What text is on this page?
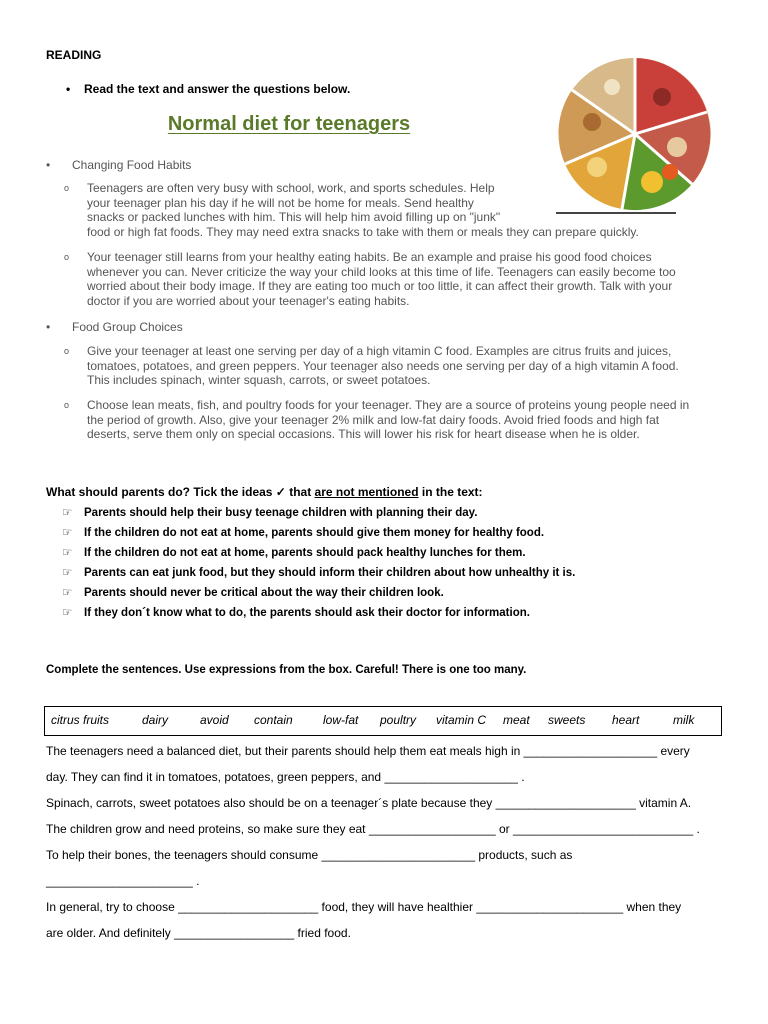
READING
• Read the text and answer the questions below.
Normal diet for teenagers
• Changing Food Habits
o Teenagers are often very busy with school, work, and sports schedules. Help
your teenager plan his day if he will not be home for meals. Send healthy
snacks or packed lunches with him. This will help him avoid filling up on "junk"
food or high fat foods. They may need extra snacks to take with them or meals they can prepare quickly.
o Your teenager still learns from your healthy eating habits. Be an example and praise his good food choices
whenever you can. Never criticize the way your child looks at this time of life. Teenagers can easily become too
worried about their body image. If they are eating too much or too little, it can affect their growth. Talk with your
doctor if you are worried about your teenager's eating habits.
• Food Group Choices
o Give your teenager at least one serving per day of a high vitamin C food. Examples are citrus fruits and juices,
tomatoes, potatoes, and green peppers. Your teenager also needs one serving per day of a high vitamin A food.
This includes spinach, winter squash, carrots, or sweet potatoes.
o Choose lean meats, fish, and poultry foods for your teenager. They are a source of proteins young people need in
the period of growth. Also, give your teenager 2% milk and low-fat dairy foods. Avoid fried foods and high fat
deserts, serve them only on special occasions. This will lower his risk for heart disease when he is older.
What should parents do? Tick the ideas ✓ that are not mentioned in the text:
☞ Parents should help their busy teenage children with planning their day.
☞ If the children do not eat at home, parents should give them money for healthy food.
☞ If the children do not eat at home, parents should pack healthy lunches for them.
☞ Parents can eat junk food, but they should inform their children about how unhealthy it is.
☞ Parents should never be critical about the way their children look.
☞ If they don´t know what to do, the parents should ask their doctor for information.
Complete the sentences. Use expressions from the box. Careful! There is one too many.
citrus fruits	dairy	avoid contain	low-fat poultry vitamin C meat sweets heart	milk
The teenagers need a balanced diet, but their parents should help them eat meals high in ____________________ every
day. They can find it in tomatoes, potatoes, green peppers, and ____________________ .
Spinach, carrots, sweet potatoes also should be on a teenager´s plate because they _____________________ vitamin A.
The children grow and need proteins, so make sure they eat ___________________ or ___________________________ .
To help their bones, the teenagers should consume _______________________ products, such as
______________________ .
In general, try to choose _____________________ food, they will have healthier ______________________ when they
are older. And definitely __________________ fried food.
